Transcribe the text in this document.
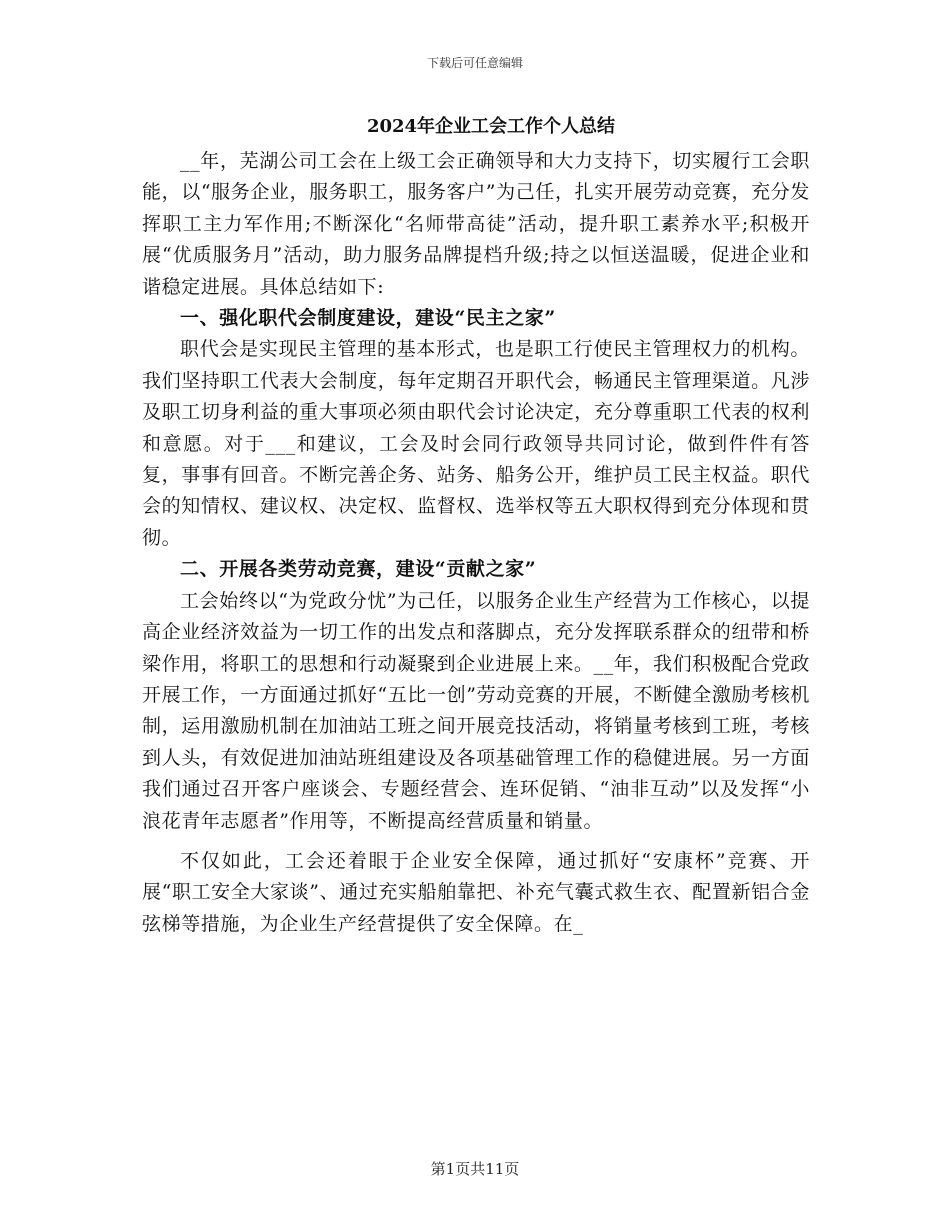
下载后可任意编辑
2024年企业工会工作个人总结

__年，芜湖公司工会在上级工会正确领导和大力支持下，切实履行工会职能，以“服务企业，服务职工，服务客户”为己任，扎实开展劳动竞赛，充分发挥职工主力军作用;不断深化“名师带高徒”活动，提升职工素养水平;积极开展“优质服务月”活动，助力服务品牌提档升级;持之以恒送温暖，促进企业和谐稳定进展。具体总结如下:

一、强化职代会制度建设，建设“民主之家”

职代会是实现民主管理的基本形式，也是职工行使民主管理权力的机构。我们坚持职工代表大会制度，每年定期召开职代会，畅通民主管理渠道。凡涉及职工切身利益的重大事项必须由职代会讨论决定，充分尊重职工代表的权利和意愿。对于___和建议，工会及时会同行政领导共同讨论，做到件件有答复，事事有回音。不断完善企务、站务、船务公开，维护员工民主权益。职代会的知情权、建议权、决定权、监督权、选举权等五大职权得到充分体现和贯彻。

二、开展各类劳动竞赛，建设“贡献之家”

工会始终以“为党政分忧”为己任，以服务企业生产经营为工作核心，以提高企业经济效益为一切工作的出发点和落脚点，充分发挥联系群众的纽带和桥梁作用，将职工的思想和行动凝聚到企业进展上来。__年，我们积极配合党政开展工作，一方面通过抓好“五比一创”劳动竞赛的开展，不断健全激励考核机制，运用激励机制在加油站工班之间开展竞技活动，将销量考核到工班，考核到人头，有效促进加油站班组建设及各项基础管理工作的稳健进展。另一方面我们通过召开客户座谈会、专题经营会、连环促销、“油非互动”以及发挥“小浪花青年志愿者”作用等，不断提高经营质量和销量。

不仅如此，工会还着眼于企业安全保障，通过抓好“安康杯”竞赛、开展“职工安全大家谈”、通过充实船舶靠把、补充气囊式救生衣、配置新铝合金弦梯等措施，为企业生产经营提供了安全保障。在_

第1页共11页
